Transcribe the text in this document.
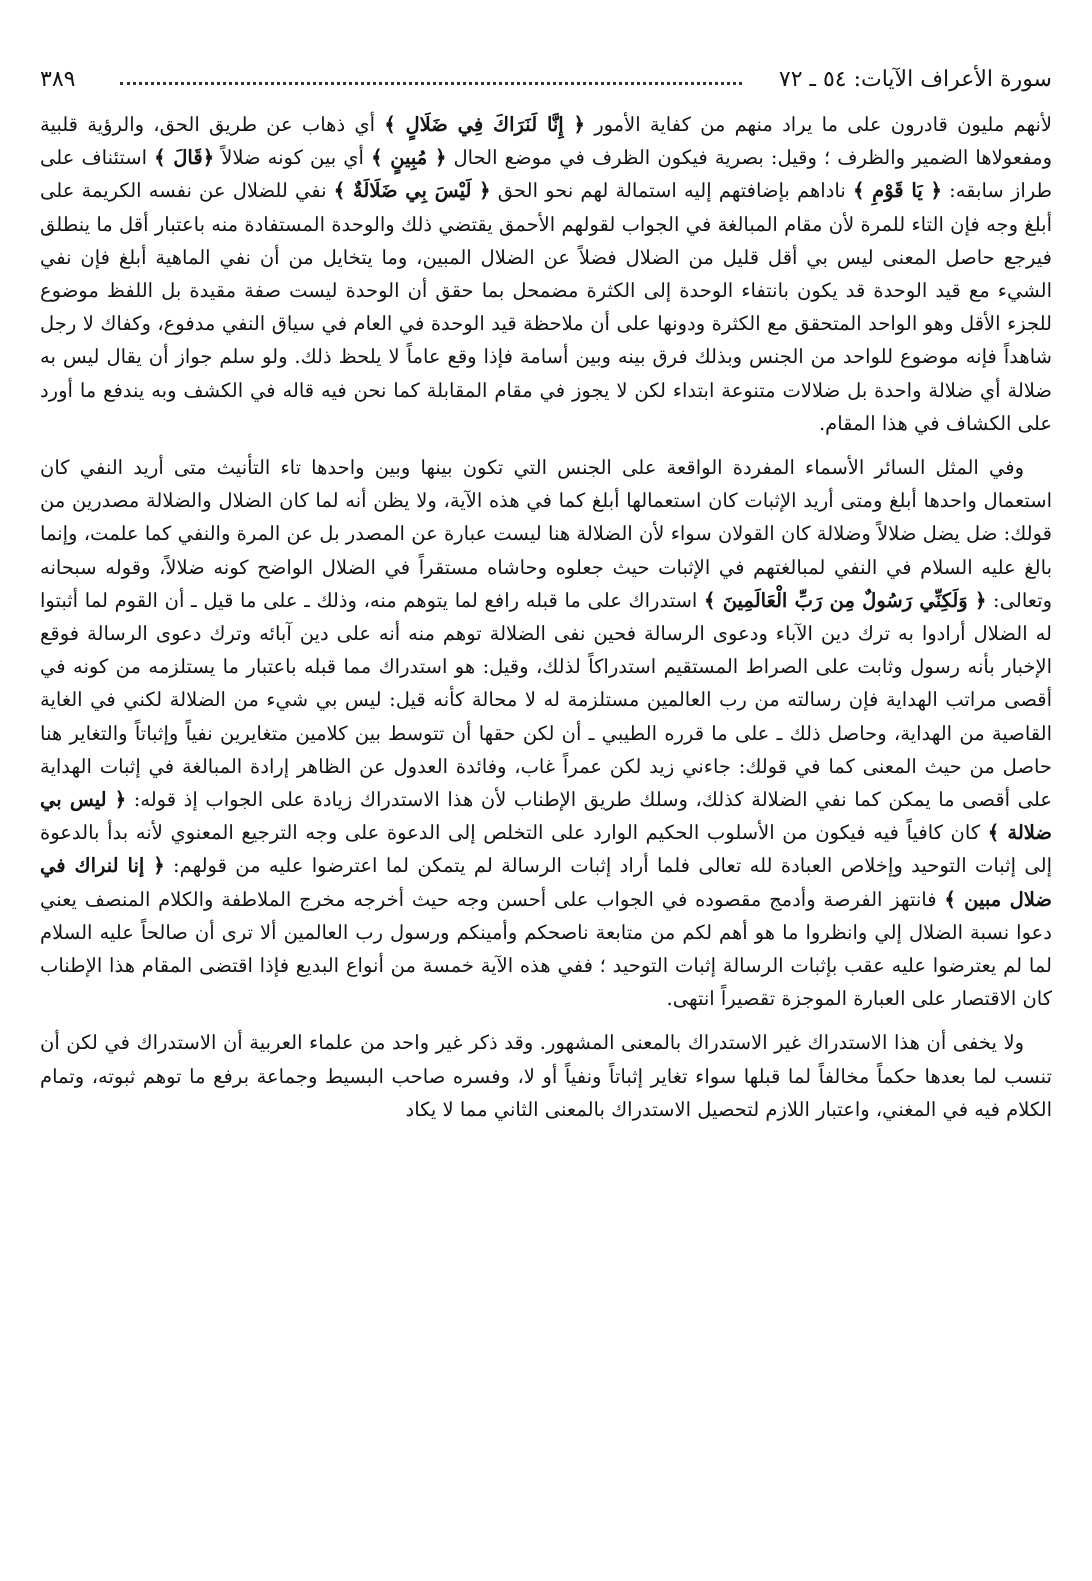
سورة الأعراف الآيات: ٥٤ ـ ٧٢
٣٨٩

لأنهم مليون قادرون على ما يراد منهم من كفاية الأمور ﴿ إِنَّا لَنَرَاكَ فِي ضَلَالٍ ﴾ أي ذهاب عن طريق الحق، والرؤية قلبية ومفعولاها الضمير والظرف ؛ وقيل: بصرية فيكون الظرف في موضع الحال ﴿ مُبِينٍ ﴾ أي بين كونه ضلالاً ﴿قَالَ ﴾ استئناف على طراز سابقه: ﴿ يَا قَوْمِ ﴾ ناداهم بإضافتهم إليه استمالة لهم نحو الحق ﴿ لَيْسَ بِي ضَلَالَةٌ ﴾ نفي للضلال عن نفسه الكريمة على أبلغ وجه فإن التاء للمرة لأن مقام المبالغة في الجواب لقولهم الأحمق يقتضي ذلك والوحدة المستفادة منه باعتبار أقل ما ينطلق فيرجع حاصل المعنى ليس بي أقل قليل من الضلال فضلاً عن الضلال المبين، وما يتخايل من أن نفي الماهية أبلغ فإن نفي الشيء مع قيد الوحدة قد يكون بانتفاء الوحدة إلى الكثرة مضمحل بما حقق أن الوحدة ليست صفة مقيدة بل اللفظ موضوع للجزء الأقل وهو الواحد المتحقق مع الكثرة ودونها على أن ملاحظة قيد الوحدة في العام في سياق النفي مدفوع، وكفاك لا رجل شاهداً فإنه موضوع للواحد من الجنس وبذلك فرق بينه وبين أسامة فإذا وقع عاماً لا يلحظ ذلك. ولو سلم جواز أن يقال ليس به ضلالة أي ضلالة واحدة بل ضلالات متنوعة ابتداء لكن لا يجوز في مقام المقابلة كما نحن فيه قاله في الكشف وبه يندفع ما أورد على الكشاف في هذا المقام.

وفي المثل السائر الأسماء المفردة الواقعة على الجنس التي تكون بينها وبين واحدها تاء التأنيث متى أريد النفي كان استعمال واحدها أبلغ ومتى أريد الإثبات كان استعمالها أبلغ كما في هذه الآية، ولا يظن أنه لما كان الضلال والضلالة مصدرين من قولك: ضل يضل ضلالاً وضلالة كان القولان سواء لأن الضلالة هنا ليست عبارة عن المصدر بل عن المرة والنفي كما علمت، وإنما بالغ عليه السلام في النفي لمبالغتهم في الإثبات حيث جعلوه وحاشاه مستقراً في الضلال الواضح كونه ضلالاً، وقوله سبحانه وتعالى: ﴿ وَلَكِنِّي رَسُولٌ مِن رَبِّ الْعَالَمِينَ ﴾ استدراك على ما قبله رافع لما يتوهم منه، وذلك ـ على ما قيل ـ أن القوم لما أثبتوا له الضلال أرادوا به ترك دين الآباء ودعوى الرسالة فحين نفى الضلالة توهم منه أنه على دين آبائه وترك دعوى الرسالة فوقع الإخبار بأنه رسول وثابت على الصراط المستقيم استدراكاً لذلك، وقيل: هو استدراك مما قبله باعتبار ما يستلزمه من كونه في أقصى مراتب الهداية فإن رسالته من رب العالمين مستلزمة له لا محالة كأنه قيل: ليس بي شيء من الضلالة لكني في الغاية القاصية من الهداية، وحاصل ذلك ـ على ما قرره الطيبي ـ أن لكن حقها أن تتوسط بين كلامين متغايرين نفياً وإثباتاً والتغاير هنا حاصل من حيث المعنى كما في قولك: جاءني زيد لكن عمراً غاب، وفائدة العدول عن الظاهر إرادة المبالغة في إثبات الهداية على أقصى ما يمكن كما نفي الضلالة كذلك، وسلك طريق الإطناب لأن هذا الاستدراك زيادة على الجواب إذ قوله: ﴿ ليس بي ضلالة ﴾ كان كافياً فيه فيكون من الأسلوب الحكيم الوارد على التخلص إلى الدعوة على وجه الترجيع المعنوي لأنه بدأ بالدعوة إلى إثبات التوحيد وإخلاص العبادة لله تعالى فلما أراد إثبات الرسالة لم يتمكن لما اعترضوا عليه من قولهم: ﴿ إنا لنراك في ضلال مبين ﴾ فانتهز الفرصة وأدمج مقصوده في الجواب على أحسن وجه حيث أخرجه مخرج الملاطفة والكلام المنصف يعني دعوا نسبة الضلال إلي وانظروا ما هو أهم لكم من متابعة ناصحكم وأمينكم ورسول رب العالمين ألا ترى أن صالحاً عليه السلام لما لم يعترضوا عليه عقب بإثبات الرسالة إثبات التوحيد ؛ ففي هذه الآية خمسة من أنواع البديع فإذا اقتضى المقام هذا الإطناب كان الاقتصار على العبارة الموجزة تقصيراً انتهى.

ولا يخفى أن هذا الاستدراك غير الاستدراك بالمعنى المشهور. وقد ذكر غير واحد من علماء العربية أن الاستدراك في لكن أن تنسب لما بعدها حكماً مخالفاً لما قبلها سواء تغاير إثباتاً ونفياً أو لا، وفسره صاحب البسيط وجماعة برفع ما توهم ثبوته، وتمام الكلام فيه في المغني، واعتبار اللازم لتحصيل الاستدراك بالمعنى الثاني مما لا يكاد
